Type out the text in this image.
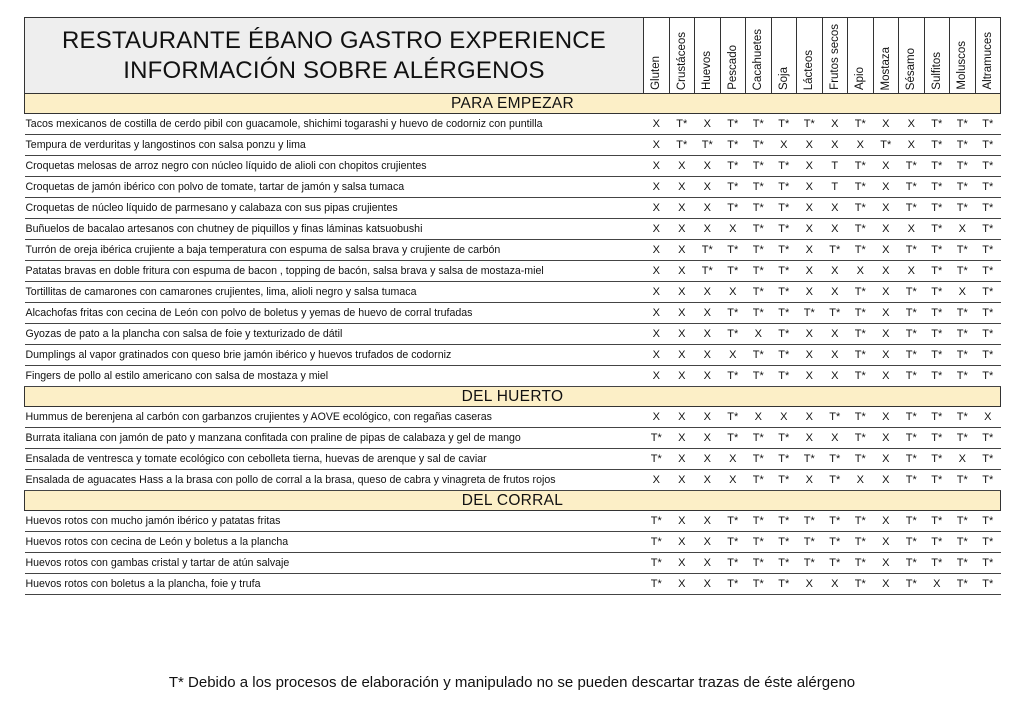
RESTAURANTE ÉBANO GASTRO EXPERIENCE
INFORMACIÓN SOBRE ALÉRGENOS	Gluten	Crustáceos	Huevos	Pescado	Cacahuetes	Soja	Lácteos	Frutos secos	Apio	Mostaza	Sésamo	Sulfitos	Moluscos	Altramuces

PARA EMPEZAR														
Tacos mexicanos de costilla de cerdo pibil con guacamole, shichimi togarashi y huevo de codorniz con puntilla	X	T*	X	T*	T*	T*	T*	X	T*	X	X	T*	T*	T*
Tempura de verduritas y langostinos con salsa ponzu y lima	X	T*	T*	T*	T*	X	X	X	X	T*	X	T*	T*	T*
Croquetas melosas de arroz negro con núcleo líquido de alioli con chopitos crujientes	X	X	X	T*	T*	T*	X	T	T*	X	T*	T*	T*	T*
Croquetas de jamón ibérico con polvo de tomate, tartar de jamón y salsa tumaca	X	X	X	T*	T*	T*	X	T	T*	X	T*	T*	T*	T*
Croquetas de núcleo líquido de parmesano y calabaza con sus pipas crujientes	X	X	X	T*	T*	T*	X	X	T*	X	T*	T*	T*	T*
Buñuelos de bacalao artesanos con chutney de piquillos y finas láminas katsuobushi	X	X	X	X	T*	T*	X	X	T*	X	X	T*	X	T*
Turrón de oreja ibérica crujiente a baja temperatura con espuma de salsa brava y crujiente de carbón	X	X	T*	T*	T*	T*	X	T*	T*	X	T*	T*	T*	T*
Patatas bravas en doble fritura con espuma de bacon , topping de bacón, salsa brava y salsa de mostaza-miel	X	X	T*	T*	T*	T*	X	X	X	X	X	T*	T*	T*
Tortillitas de camarones con camarones crujientes, lima, alioli negro y salsa tumaca	X	X	X	X	T*	T*	X	X	T*	X	T*	T*	X	T*
Alcachofas fritas con cecina de León con polvo de boletus y yemas de huevo de corral trufadas	X	X	X	T*	T*	T*	T*	T*	T*	X	T*	T*	T*	T*
Gyozas de pato a la plancha con salsa de foie y texturizado de dátil	X	X	X	T*	X	T*	X	X	T*	X	T*	T*	T*	T*
Dumplings al vapor gratinados con queso brie jamón ibérico y huevos trufados de codorniz	X	X	X	X	T*	T*	X	X	T*	X	T*	T*	T*	T*
Fingers de pollo al estilo americano con salsa de mostaza y miel	X	X	X	T*	T*	T*	X	X	T*	X	T*	T*	T*	T*
DEL HUERTO														
Hummus de berenjena al carbón con garbanzos crujientes y AOVE ecológico, con regañas caseras	X	X	X	T*	X	X	X	T*	T*	X	T*	T*	T*	X
Burrata italiana con jamón de pato y manzana confitada con praline de pipas de calabaza y gel de mango	T*	X	X	T*	T*	T*	X	X	T*	X	T*	T*	T*	T*
Ensalada de ventresca y tomate ecológico con cebolleta tierna, huevas de arenque y sal de caviar	T*	X	X	X	T*	T*	T*	T*	T*	X	T*	T*	X	T*
Ensalada de aguacates Hass a la brasa con pollo de corral a la brasa, queso de cabra y vinagreta de frutos rojos	X	X	X	X	T*	T*	X	T*	X	X	T*	T*	T*	T*
DEL CORRAL														
Huevos rotos con mucho jamón ibérico y patatas fritas	T*	X	X	T*	T*	T*	T*	T*	T*	X	T*	T*	T*	T*
Huevos rotos con cecina de León y boletus a la plancha	T*	X	X	T*	T*	T*	T*	T*	T*	X	T*	T*	T*	T*
Huevos rotos con gambas cristal y tartar de atún salvaje	T*	X	X	T*	T*	T*	T*	T*	T*	X	T*	T*	T*	T*
Huevos rotos con boletus a la plancha, foie y trufa	T*	X	X	T*	T*	T*	X	X	T*	X	T*	X	T*	T*
T* Debido a los procesos de elaboración y manipulado no se pueden descartar trazas de éste alérgeno
